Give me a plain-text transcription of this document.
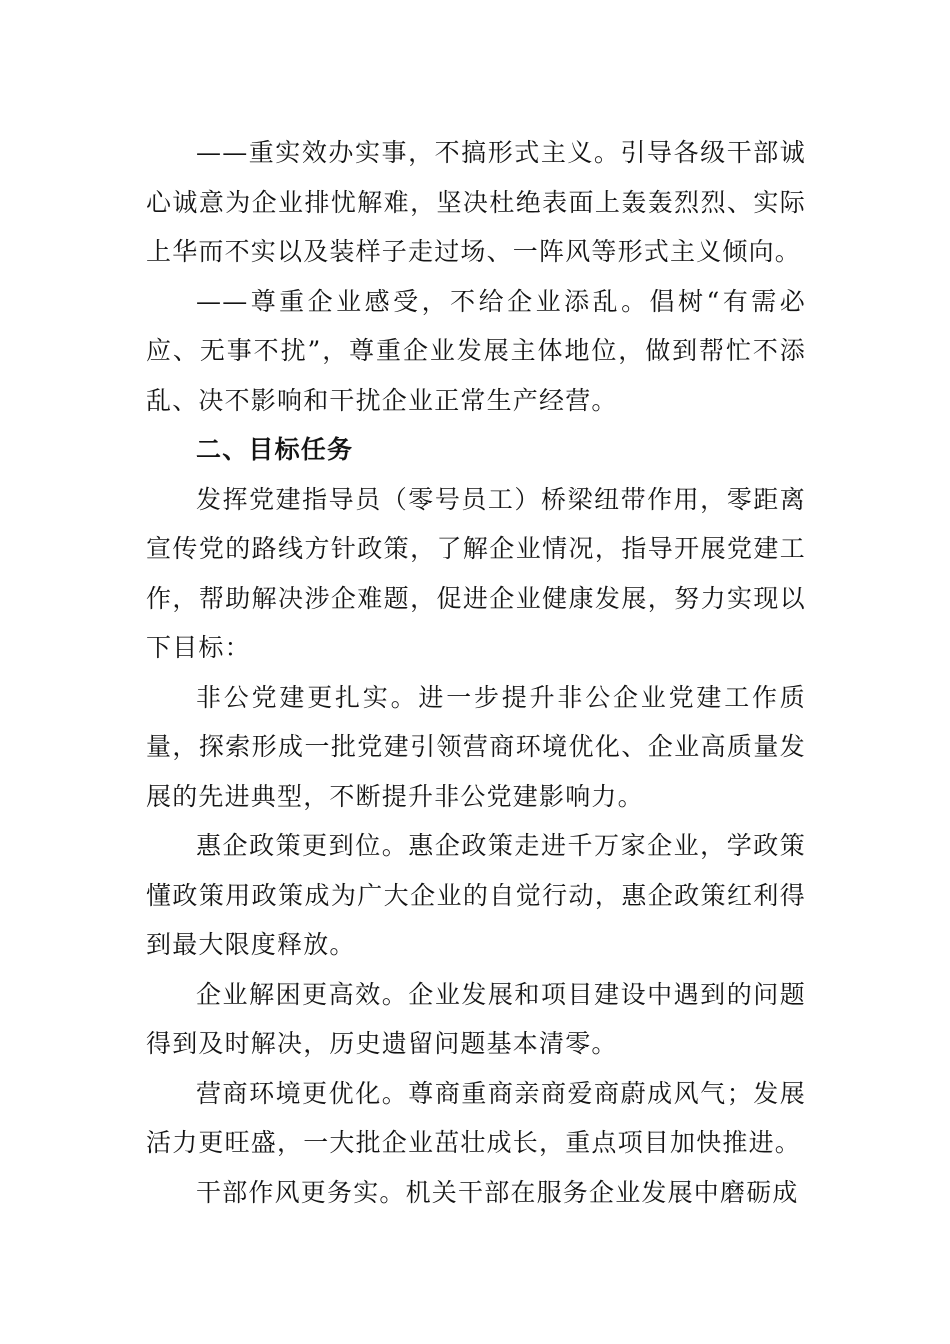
——重实效办实事，不搞形式主义。引导各级干部诚心诚意为企业排忧解难，坚决杜绝表面上轰轰烈烈、实际上华而不实以及装样子走过场、一阵风等形式主义倾向。

——尊重企业感受，不给企业添乱。倡树“有需必应、无事不扰”，尊重企业发展主体地位，做到帮忙不添乱、决不影响和干扰企业正常生产经营。

二、目标任务

发挥党建指导员（零号员工）桥梁纽带作用，零距离宣传党的路线方针政策，了解企业情况，指导开展党建工作，帮助解决涉企难题，促进企业健康发展，努力实现以下目标：

非公党建更扎实。进一步提升非公企业党建工作质量，探索形成一批党建引领营商环境优化、企业高质量发展的先进典型，不断提升非公党建影响力。

惠企政策更到位。惠企政策走进千万家企业，学政策懂政策用政策成为广大企业的自觉行动，惠企政策红利得到最大限度释放。

企业解困更高效。企业发展和项目建设中遇到的问题得到及时解决，历史遗留问题基本清零。

营商环境更优化。尊商重商亲商爱商蔚成风气；发展活力更旺盛，一大批企业茁壮成长，重点项目加快推进。

干部作风更务实。机关干部在服务企业发展中磨砺成
